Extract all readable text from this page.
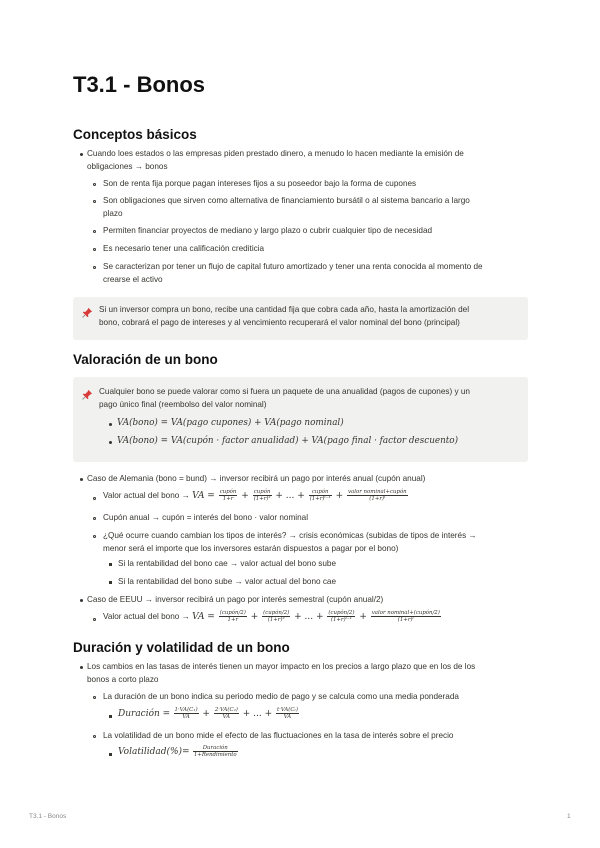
T3.1 - Bonos
Conceptos básicos
Cuando loes estados o las empresas piden prestado dinero, a menudo lo hacen mediante la emisión de
obligaciones → bonos
Son de renta fija porque pagan intereses fijos a su poseedor bajo la forma de cupones
Son obligaciones que sirven como alternativa de financiamiento bursátil o al sistema bancario a largo
plazo
Permiten financiar proyectos de mediano y largo plazo o cubrir cualquier tipo de necesidad
Es necesario tener una calificación crediticia
Se caracterizan por tener un flujo de capital futuro amortizado y tener una renta conocida al momento de
crearse el activo
Si un inversor compra un bono, recibe una cantidad fija que cobra cada año, hasta la amortización del
bono, cobrará el pago de intereses y al vencimiento recuperará el valor nominal del bono (principal)
Valoración de un bono
Cualquier bono se puede valorar como si fuera un paquete de una anualidad (pagos de cupones) y un
pago único final (reembolso del valor nominal)
VA(bono) = VA(pago cupones) + VA(pago nominal)
VA(bono) = VA(cupón · factor anualidad) + VA(pago final · factor descuento)
Caso de Alemania (bono = bund) → inversor recibirá un pago por interés anual (cupón anual)
Valor actual del bono → VA = $\frac{\text{cupón}}{1+r} + \frac{\text{cupón}}{\text{(1+r)²}}$ + ... + $\frac{\text{cupón}}{\text{(1+r)ᵗ⁻¹}} + \frac{\text{valor nominal+cupón}}{\text{(1+r)ᵗ}}$
Cupón anual → cupón = interés del bono · valor nominal
¿Qué ocurre cuando cambian los tipos de interés? → crisis económicas (subidas de tipos de interés →
menor será el importe que los inversores estarán dispuestos a pagar por el bono)
Si la rentabilidad del bono cae → valor actual del bono sube
Si la rentabilidad del bono sube → valor actual del bono cae
Caso de EEUU → inversor recibirá un pago por interés semestral (cupón anual/2)
Valor actual del bono → VA = $\frac{\text{(cupón/2)}}{1+r} + \frac{\text{(cupón/2)}}{\text{(1+r)²}}$ + ... + $\frac{\text{(cupón/2)}}{\text{(1+r)ᵗ⁻¹}} + \frac{\text{valor nominal+(cupón/2)}}{\text{(1+r)ᵗ}}$
Duración y volatilidad de un bono
Los cambios en las tasas de interés tienen un mayor impacto en los precios a largo plazo que en los de los
bonos a corto plazo
La duración de un bono indica su periodo medio de pago y se calcula como una media ponderada
Duración = $\frac{\text{1·VA(C₁)}}{VA} + \frac{\text{2·VA(C₂)}}{VA}$ + ... + $\frac{\text{t·VA(Cₜ)}}{VA}$
La volatilidad de un bono mide el efecto de las fluctuaciones en la tasa de interés sobre el precio
Volatilidad(%)= $\frac{\text{Duración}}{\text{1+Rendimiento}}$
T3.1 - Bonos	1
